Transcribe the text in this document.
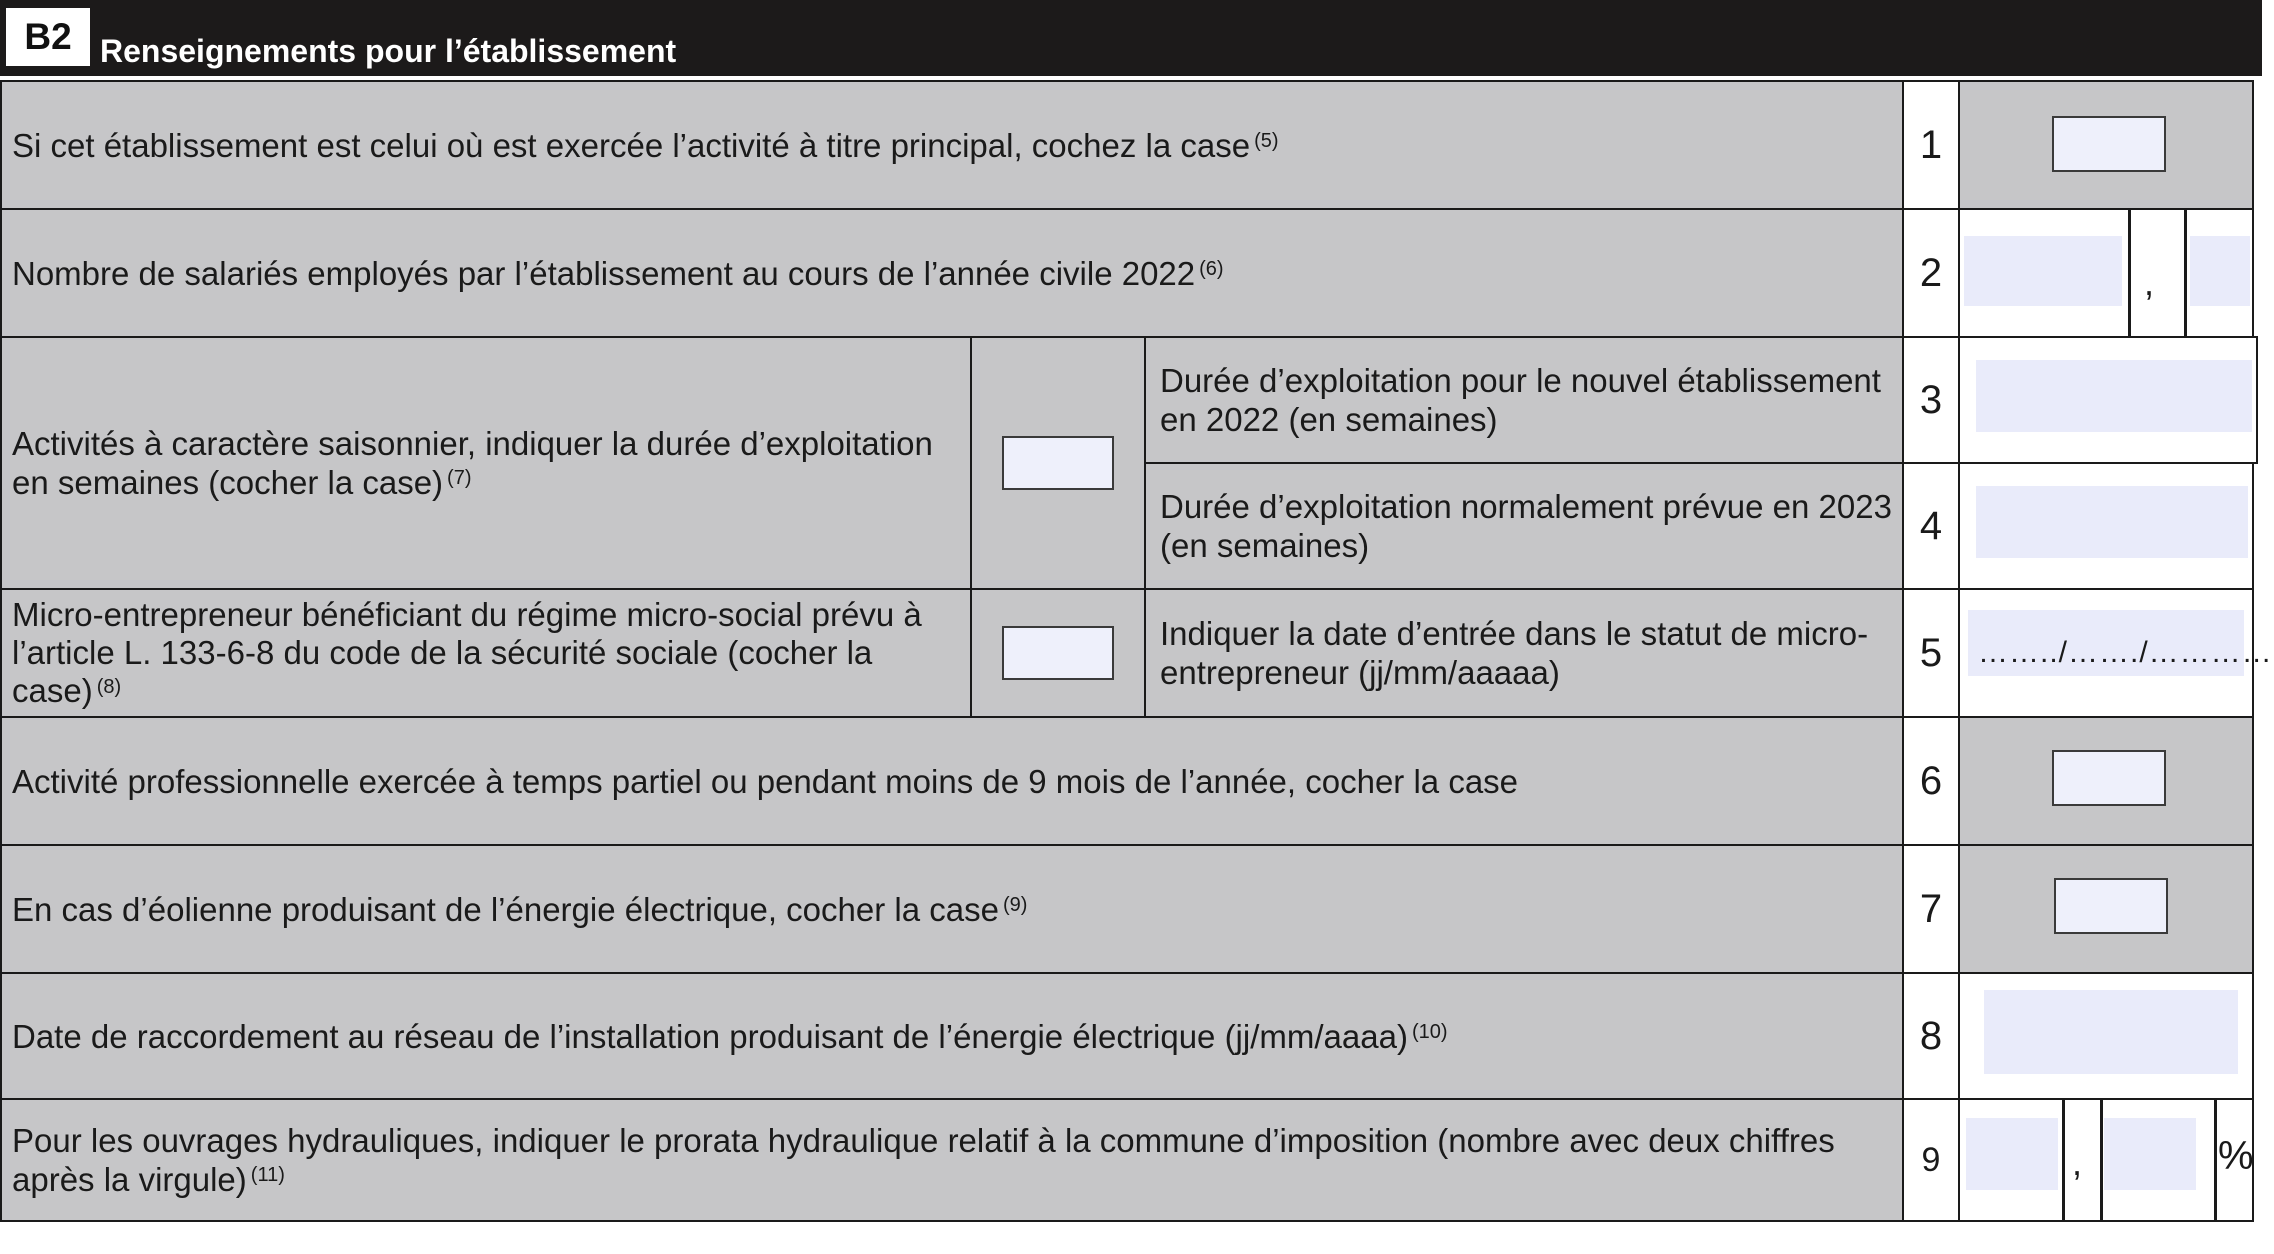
B2 Renseignements pour l’établissement
Si cet établissement est celui où est exercée l’activité à titre principal, cochez la case$^{(5)}$	1
Nombre de salariés employés par l’établissement au cours de l’année civile 2022$^{(6)}$	2	,
Activités à caractère saisonnier, indiquer la durée d’exploitation en semaines (cocher la case) $^{(7)}$
Durée d’exploitation pour le nouvel établissement en 2022 (en semaines)	3
Durée d’exploitation normalement prévue en 2023 (en semaines)	4
Micro-entrepreneur bénéficiant du régime micro-social prévu à l’article L. 133-6-8 du code de la sécurité sociale (cocher la case) $^{(8)}$
Indiquer la date d’entrée dans le statut de micro-entrepreneur (jj/mm/aaaaa)	5	……../……./…………
Activité professionnelle exercée à temps partiel ou pendant moins de 9 mois de l’année, cocher la case	6
En cas d’éolienne produisant de l’énergie électrique, cocher la case$^{(9)}$	7
Date de raccordement au réseau de l’installation produisant de l’énergie électrique (jj/mm/aaaa)$^{(10)}$	8
Pour les ouvrages hydrauliques, indiquer le prorata hydraulique relatif à la commune d’imposition (nombre avec deux chiffres après la virgule) $^{(11)}$	9	,	%
